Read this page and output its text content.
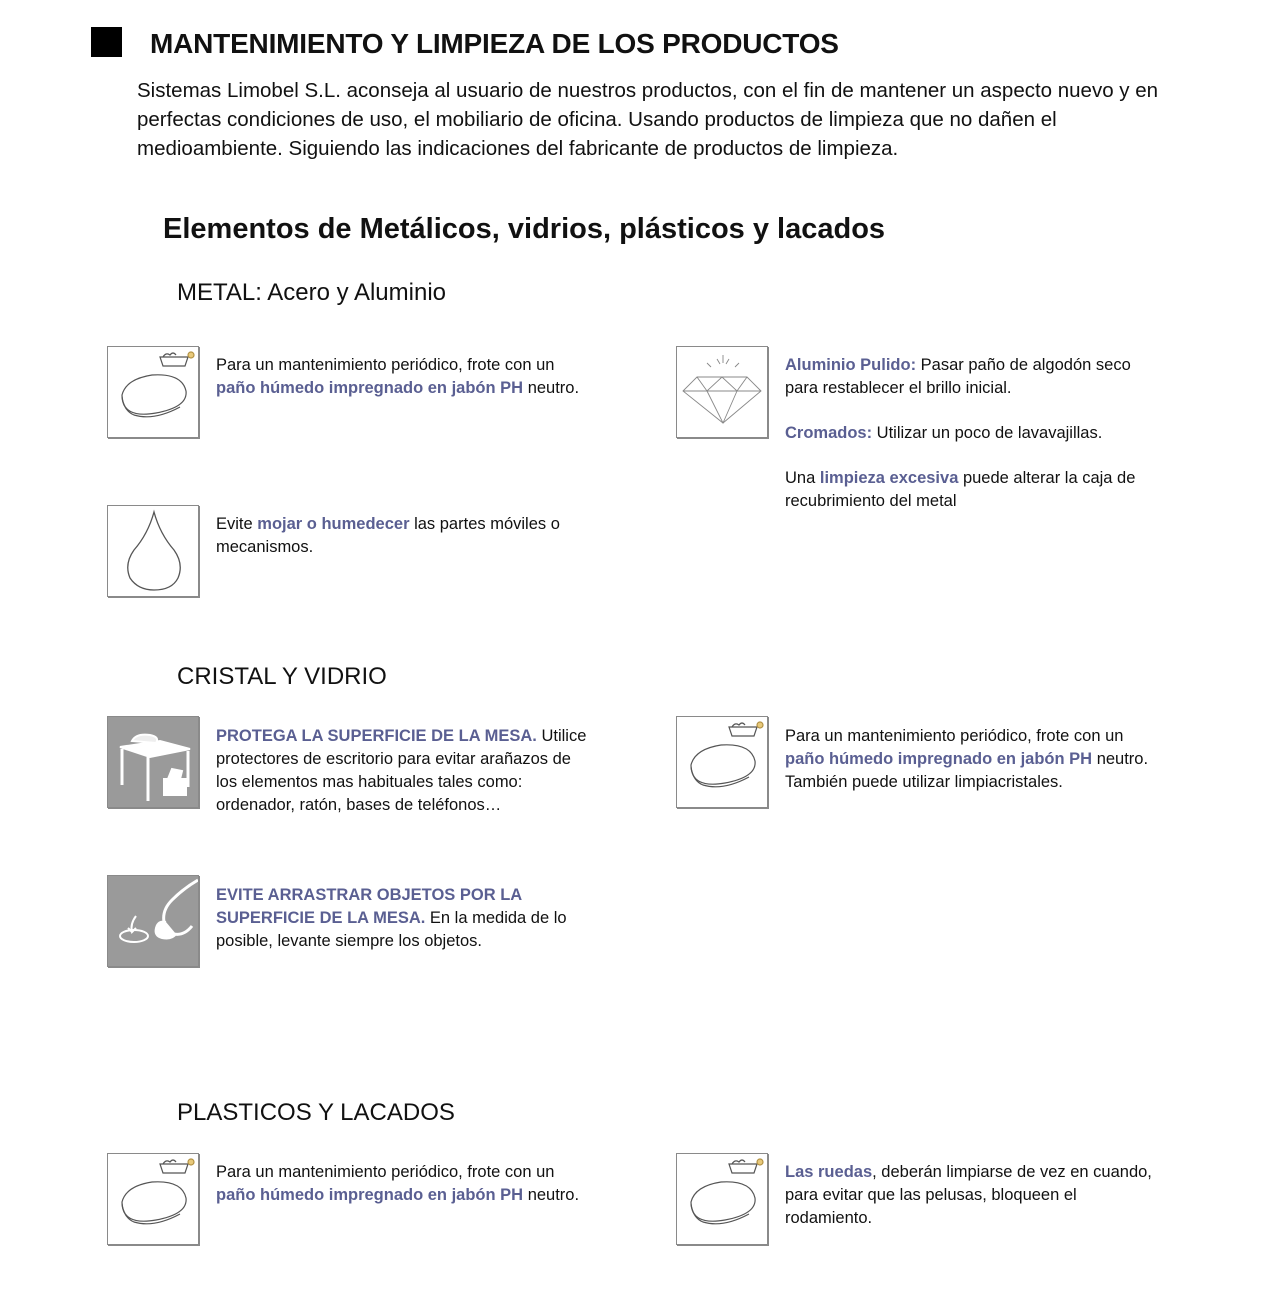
MANTENIMIENTO Y LIMPIEZA DE LOS PRODUCTOS
Sistemas Limobel S.L. aconseja al usuario de nuestros productos, con el fin de mantener un aspecto nuevo y en perfectas condiciones de uso, el mobiliario de oficina. Usando productos de limpieza que no dañen el medioambiente. Siguiendo las indicaciones del fabricante de productos de limpieza.
Elementos de Metálicos, vidrios, plásticos y lacados
METAL: Acero y Aluminio
Para un mantenimiento periódico, frote con un paño húmedo impregnado en jabón PH neutro.

Aluminio Pulido: Pasar paño de algodón seco para restablecer el brillo inicial.

Cromados: Utilizar un poco de lavavajillas.

Una limpieza excesiva puede alterar la caja de recubrimiento del metal

Evite mojar o humedecer las partes móviles o mecanismos.
CRISTAL Y VIDRIO
PROTEGA LA SUPERFICIE DE LA MESA. Utilice protectores de escritorio para evitar arañazos de los elementos mas habituales tales como: ordenador, ratón, bases de teléfonos…
Para un mantenimiento periódico, frote con un paño húmedo impregnado en jabón PH neutro. También puede utilizar limpiacristales.
EVITE ARRASTRAR OBJETOS POR LA SUPERFICIE DE LA MESA. En la medida de lo posible, levante siempre los objetos.
PLASTICOS Y LACADOS
Para un mantenimiento periódico, frote con un paño húmedo impregnado en jabón PH neutro.
Las ruedas, deberán limpiarse de vez en cuando, para evitar que las pelusas, bloqueen el rodamiento.
